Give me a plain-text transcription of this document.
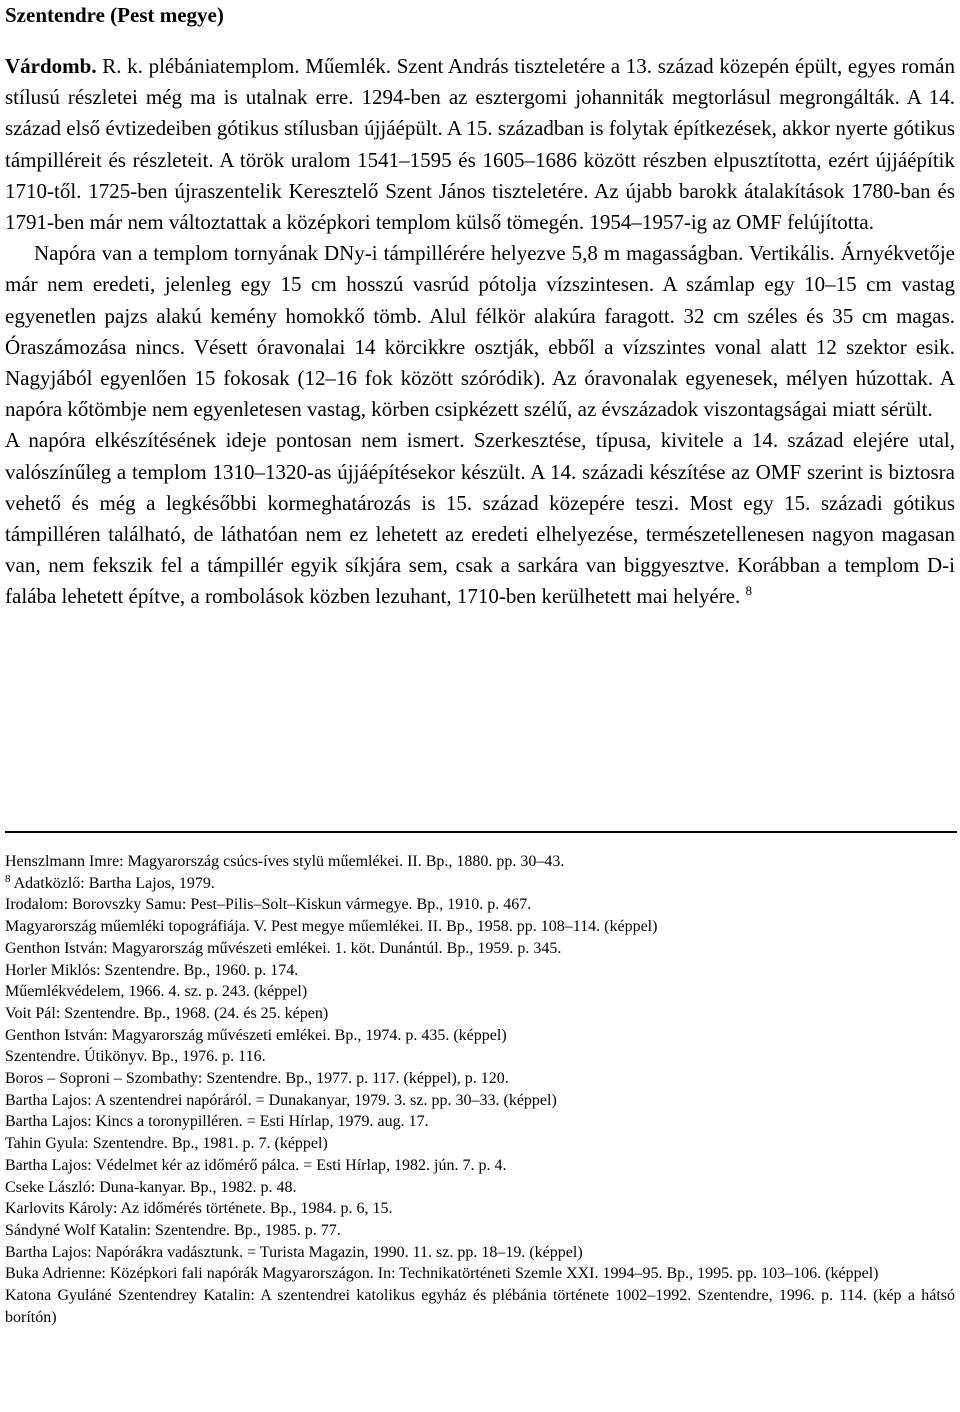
Szentendre (Pest megye)

Várdomb. R. k. plébániatemplom. Műemlék. Szent András tiszteletére a 13. század közepén épült, egyes román stílusú részletei még ma is utalnak erre. 1294-ben az esztergomi johanniták megtorlásul megrongálták. A 14. század első évtizedeiben gótikus stílusban újjáépült. A 15. században is folytak építkezések, akkor nyerte gótikus támpilléreit és részleteit. A török uralom 1541–1595 és 1605–1686 között részben elpusztította, ezért újjáépítik 1710-től. 1725-ben újraszentelik Keresztelő Szent János tiszteletére. Az újabb barokk átalakítások 1780-ban és 1791-ben már nem változtattak a középkori templom külső tömegén. 1954–1957-ig az OMF felújította.

Napóra van a templom tornyának DNy-i támpillérére helyezve 5,8 m magasságban. Vertikális. Árnyékvetője már nem eredeti, jelenleg egy 15 cm hosszú vasrúd pótolja vízszintesen. A számlap egy 10–15 cm vastag egyenetlen pajzs alakú kemény homokkő tömb. Alul félkör alakúra faragott. 32 cm széles és 35 cm magas. Óraszámozása nincs. Vésett óravonalai 14 körcikkre osztják, ebből a vízszintes vonal alatt 12 szektor esik. Nagyjából egyenlően 15 fokosak (12–16 fok között szóródik). Az óravonalak egyenesek, mélyen húzottak. A napóra kőtömbje nem egyenletesen vastag, körben csipkézett szélű, az évszázadok viszontagságai miatt sérült.

A napóra elkészítésének ideje pontosan nem ismert. Szerkesztése, típusa, kivitele a 14. század elejére utal, valószínűleg a templom 1310–1320-as újjáépítésekor készült. A 14. századi készítése az OMF szerint is biztosra vehető és még a legkésőbbi kormeghatározás is 15. század közepére teszi. Most egy 15. századi gótikus támpilléren található, de láthatóan nem ez lehetett az eredeti elhelyezése, természetellenesen nagyon magasan van, nem fekszik fel a támpillér egyik síkjára sem, csak a sarkára van biggyesztve. Korábban a templom D-i falába lehetett építve, a rombolások közben lezuhant, 1710-ben kerülhetett mai helyére. $^8$

Henszlmann Imre: Magyarország csúcs-íves stylü műemlékei. II. Bp., 1880. pp. 30–43.

$^8$ Adatközlő: Bartha Lajos, 1979.

Irodalom: Borovszky Samu: Pest–Pilis–Solt–Kiskun vármegye. Bp., 1910. p. 467.

Magyarország műemléki topográfiája. V. Pest megye műemlékei. II. Bp., 1958. pp. 108–114. (képpel)

Genthon István: Magyarország művészeti emlékei. 1. köt. Dunántúl. Bp., 1959. p. 345.

Horler Miklós: Szentendre. Bp., 1960. p. 174.

Műemlékvédelem, 1966. 4. sz. p. 243. (képpel)

Voit Pál: Szentendre. Bp., 1968. (24. és 25. képen)

Genthon István: Magyarország művészeti emlékei. Bp., 1974. p. 435. (képpel)

Szentendre. Útikönyv. Bp., 1976. p. 116.

Boros – Soproni – Szombathy: Szentendre. Bp., 1977. p. 117. (képpel), p. 120.

Bartha Lajos: A szentendrei napóráról. = Dunakanyar, 1979. 3. sz. pp. 30–33. (képpel)

Bartha Lajos: Kincs a toronypilléren. = Esti Hírlap, 1979. aug. 17.

Tahin Gyula: Szentendre. Bp., 1981. p. 7. (képpel)

Bartha Lajos: Védelmet kér az időmérő pálca. = Esti Hírlap, 1982. jún. 7. p. 4.

Cseke László: Duna-kanyar. Bp., 1982. p. 48.

Karlovits Károly: Az időmérés története. Bp., 1984. p. 6, 15.

Sándyné Wolf Katalin: Szentendre. Bp., 1985. p. 77.

Bartha Lajos: Napórákra vadásztunk. = Turista Magazin, 1990. 11. sz. pp. 18–19. (képpel)

Buka Adrienne: Középkori fali napórák Magyarországon. In: Technikatörténeti Szemle XXI. 1994–95. Bp., 1995. pp. 103–106. (képpel)

Katona Gyuláné Szentendrey Katalin: A szentendrei katolikus egyház és plébánia története 1002–1992. Szentendre, 1996. p. 114. (kép a hátsó borítón)
